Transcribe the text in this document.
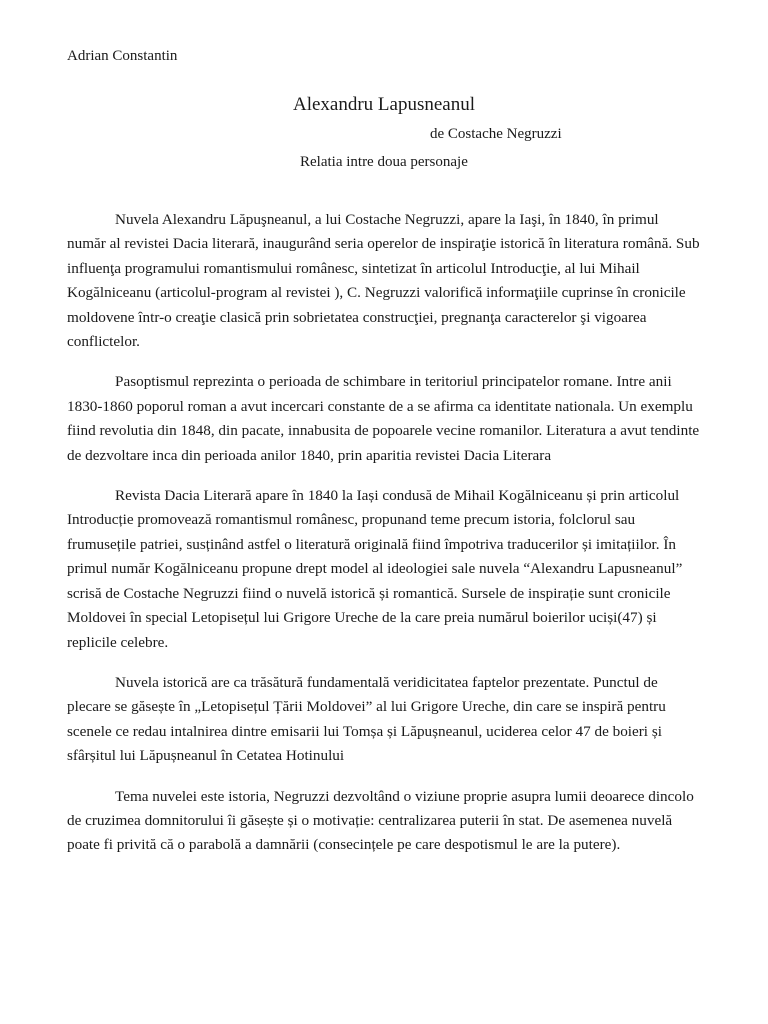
Adrian Constantin
Alexandru Lapusneanul
de Costache Negruzzi
Relatia intre doua personaje

Nuvela Alexandru Lăpuşneanul, a lui Costache Negruzzi, apare la Iaşi, în 1840, în primul număr al revistei Dacia literară, inaugurând seria operelor de inspiraţie istorică în literatura română. Sub influenţa programului romantismului românesc, sintetizat în articolul Introducţie, al lui Mihail Kogălniceanu (articolul-program al revistei ), C. Negruzzi valorifică informaţiile cuprinse în cronicile moldovene într-o creaţie clasică prin sobrietatea construcţiei, pregnanţa caracterelor şi vigoarea conflictelor.

Pasoptismul reprezinta o perioada de schimbare in teritoriul principatelor romane. Intre anii 1830-1860 poporul roman a avut incercari constante de a se afirma ca identitate nationala. Un exemplu fiind revolutia din 1848, din pacate, innabusita de popoarele vecine romanilor. Literatura a avut tendinte de dezvoltare inca din perioada anilor 1840, prin aparitia revistei Dacia Literara

Revista Dacia Literară apare în 1840 la Iași condusă de Mihail Kogălniceanu și prin articolul Introducție promovează romantismul românesc, propunand teme precum istoria, folclorul sau frumusețile patriei, susținând astfel o literatură originală fiind împotriva traducerilor și imitațiilor. În primul număr Kogălniceanu propune drept model al ideologiei sale nuvela “Alexandru Lapusneanul” scrisă de Costache Negruzzi fiind o nuvelă istorică și romantică. Sursele de inspirație sunt cronicile Moldovei în special Letopisețul lui Grigore Ureche de la care preia numărul boierilor uciși(47) și replicile celebre.

Nuvela istorică are ca trăsătură fundamentală veridicitatea faptelor prezentate. Punctul de plecare se găsește în „Letopisețul Țării Moldovei” al lui Grigore Ureche, din care se inspiră pentru scenele ce redau intalnirea dintre emisarii lui Tomșa și Lăpușneanul, uciderea celor 47 de boieri și sfârșitul lui Lăpușneanul în Cetatea Hotinului

Tema nuvelei este istoria, Negruzzi dezvoltând o viziune proprie asupra lumii deoarece dincolo de cruzimea domnitorului îi găsește și o motivație: centralizarea puterii în stat. De asemenea nuvelă poate fi privită că o parabolă a damnării (consecințele pe care despotismul le are la putere).
